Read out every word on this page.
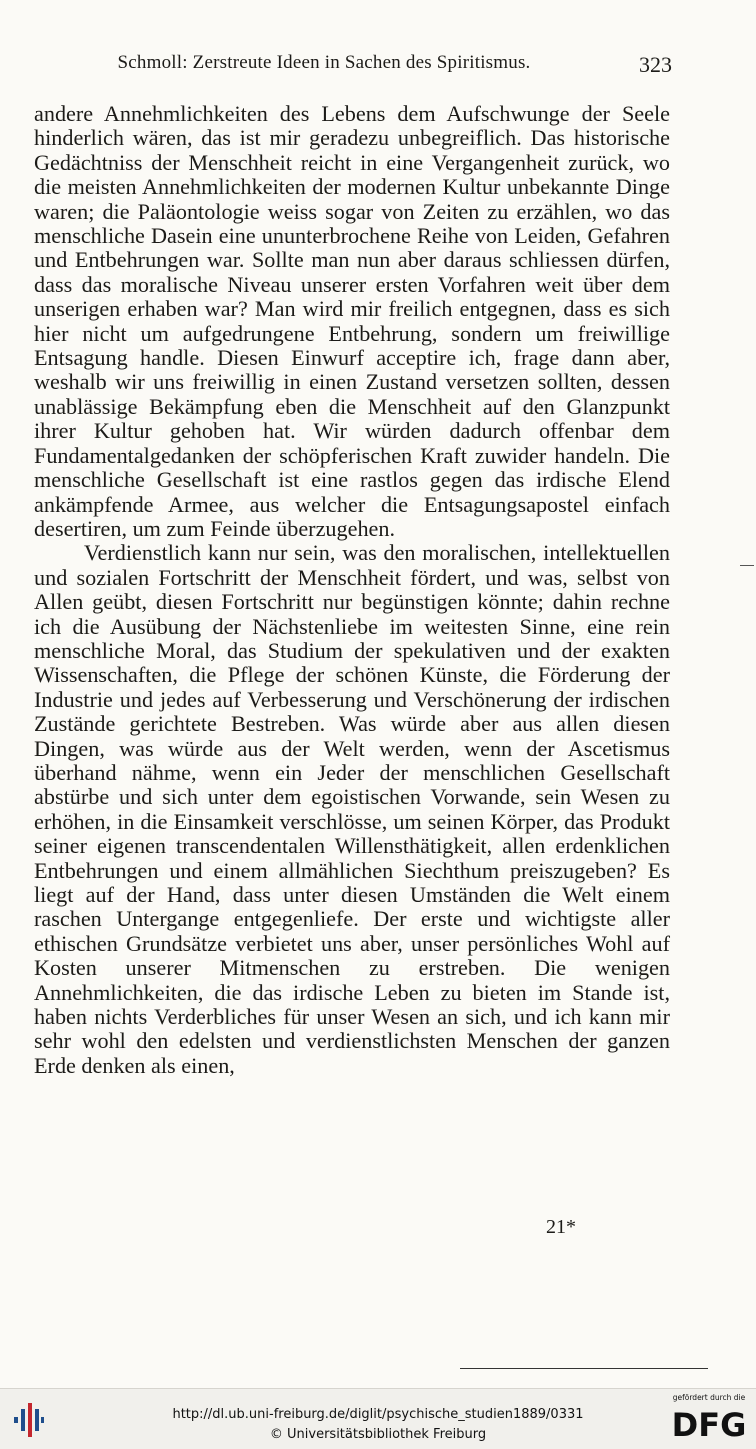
Schmoll: Zerstreute Ideen in Sachen des Spiritismus.	323

andere Annehmlichkeiten des Lebens dem Aufschwunge der Seele hinderlich wären, das ist mir geradezu unbegreiflich. Das historische Gedächtniss der Menschheit reicht in eine Vergangenheit zurück, wo die meisten Annehmlichkeiten der modernen Kultur unbekannte Dinge waren; die Paläontologie weiss sogar von Zeiten zu erzählen, wo das menschliche Dasein eine ununterbrochene Reihe von Leiden, Gefahren und Entbehrungen war. Sollte man nun aber daraus schliessen dürfen, dass das moralische Niveau unserer ersten Vorfahren weit über dem unserigen erhaben war? Man wird mir freilich entgegnen, dass es sich hier nicht um aufgedrungene Entbehrung, sondern um freiwillige Entsagung handle. Diesen Einwurf acceptire ich, frage dann aber, weshalb wir uns freiwillig in einen Zustand versetzen sollten, dessen unablässige Bekämpfung eben die Menschheit auf den Glanzpunkt ihrer Kultur gehoben hat. Wir würden dadurch offenbar dem Fundamentalgedanken der schöpferischen Kraft zuwider handeln. Die menschliche Gesellschaft ist eine rastlos gegen das irdische Elend ankämpfende Armee, aus welcher die Entsagungsapostel einfach desertiren, um zum Feinde überzugehen.

Verdienstlich kann nur sein, was den moralischen, intellektuellen und sozialen Fortschritt der Menschheit fördert, und was, selbst von Allen geübt, diesen Fortschritt nur begünstigen könnte; dahin rechne ich die Ausübung der Nächstenliebe im weitesten Sinne, eine rein menschliche Moral, das Studium der spekulativen und der exakten Wissenschaften, die Pflege der schönen Künste, die Förderung der Industrie und jedes auf Verbesserung und Verschönerung der irdischen Zustände gerichtete Bestreben. Was würde aber aus allen diesen Dingen, was würde aus der Welt werden, wenn der Ascetismus überhand nähme, wenn ein Jeder der menschlichen Gesellschaft abstürbe und sich unter dem egoistischen Vorwande, sein Wesen zu erhöhen, in die Einsamkeit verschlösse, um seinen Körper, das Produkt seiner eigenen transcendentalen Willensthätigkeit, allen erdenklichen Entbehrungen und einem allmählichen Siechthum preiszugeben? Es liegt auf der Hand, dass unter diesen Umständen die Welt einem raschen Untergange entgegenliefe. Der erste und wichtigste aller ethischen Grundsätze verbietet uns aber, unser persönliches Wohl auf Kosten unserer Mitmenschen zu erstreben. Die wenigen Annehmlichkeiten, die das irdische Leben zu bieten im Stande ist, haben nichts Verderbliches für unser Wesen an sich, und ich kann mir sehr wohl den edelsten und verdienstlichsten Menschen der ganzen Erde denken als einen,

21*
http://dl.ub.uni-freiburg.de/diglit/psychische_studien1889/0331
© Universitätsbibliothek Freiburg
gefördert durch die
DFG
